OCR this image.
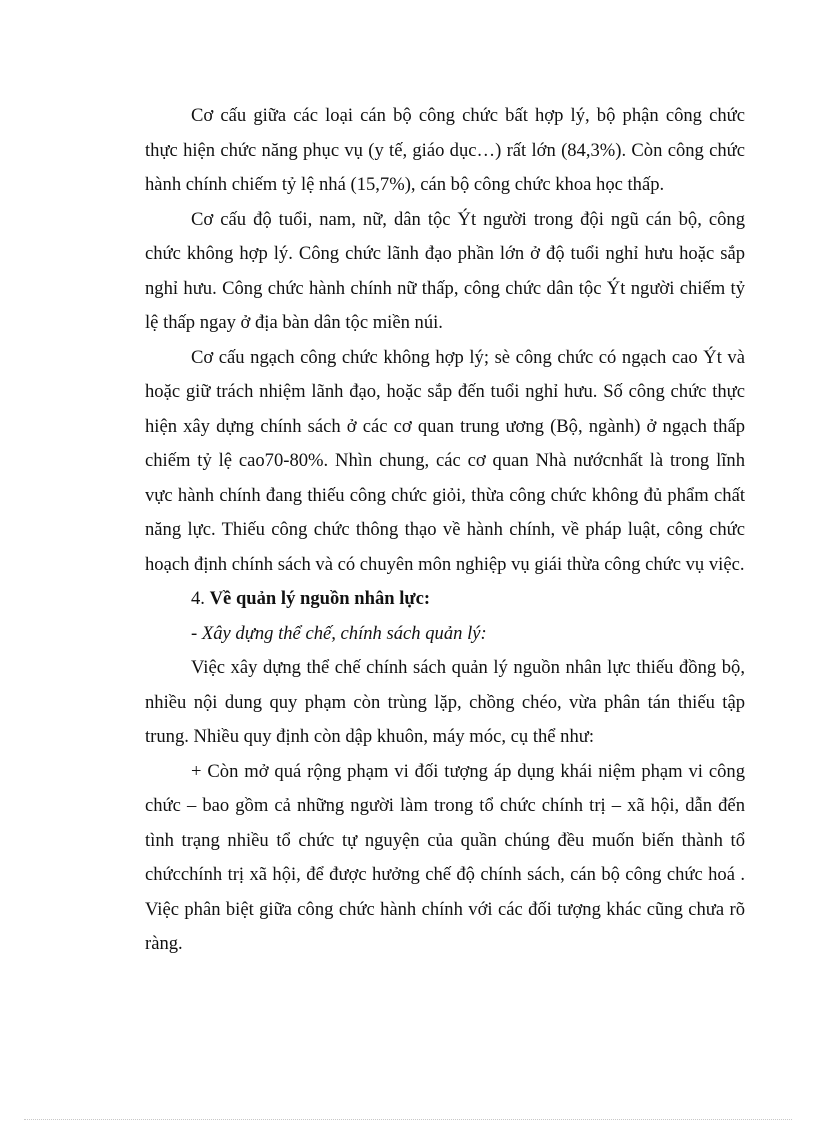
Cơ cấu giữa các loại cán bộ công chức bất hợp lý, bộ phận công chức thực hiện chức năng phục vụ (y tế, giáo dục…) rất lớn (84,3%). Còn công chức hành chính chiếm tỷ lệ nhá (15,7%), cán bộ công chức khoa học thấp.

Cơ cấu độ tuổi, nam, nữ, dân tộc Ýt người trong đội ngũ cán bộ, công chức không hợp lý. Công chức lãnh đạo phần lớn ở độ tuổi nghỉ hưu hoặc sắp nghỉ hưu. Công chức hành chính nữ thấp, công chức dân tộc Ýt người chiếm tỷ lệ thấp ngay ở địa bàn dân tộc miền núi.

Cơ cấu ngạch công chức không hợp lý; sè công chức có ngạch cao Ýt và hoặc giữ trách nhiệm lãnh đạo, hoặc sắp đến tuổi nghỉ hưu. Số công chức thực hiện xây dựng chính sách ở các cơ quan trung ương (Bộ, ngành) ở ngạch thấp chiếm tỷ lệ cao70-80%. Nhìn chung, các cơ quan Nhà nướcnhất là trong lĩnh vực hành chính đang thiếu công chức giỏi, thừa công chức không đủ phẩm chất năng lực. Thiếu công chức thông thạo về hành chính, về pháp luật, công chức hoạch định chính sách và có chuyên môn nghiệp vụ giái thừa công chức vụ việc.

4. Về quản lý nguồn nhân lực:

- Xây dựng thể chế, chính sách quản lý:

Việc xây dựng thể chế chính sách quản lý nguồn nhân lực thiếu đồng bộ, nhiều nội dung quy phạm còn trùng lặp, chồng chéo, vừa phân tán thiếu tập trung. Nhiều quy định còn dập khuôn, máy móc, cụ thể như:

+ Còn mở quá rộng phạm vi đối tượng áp dụng khái niệm phạm vi công chức – bao gồm cả những người làm trong tổ chức chính trị – xã hội, dẫn đến tình trạng nhiều tổ chức tự nguyện của quần chúng đều muốn biến thành tổ chứcchính trị xã hội, để được hưởng chế độ chính sách, cán bộ công chức hoá . Việc phân biệt giữa công chức hành chính với các đối tượng khác cũng chưa rõ ràng.
